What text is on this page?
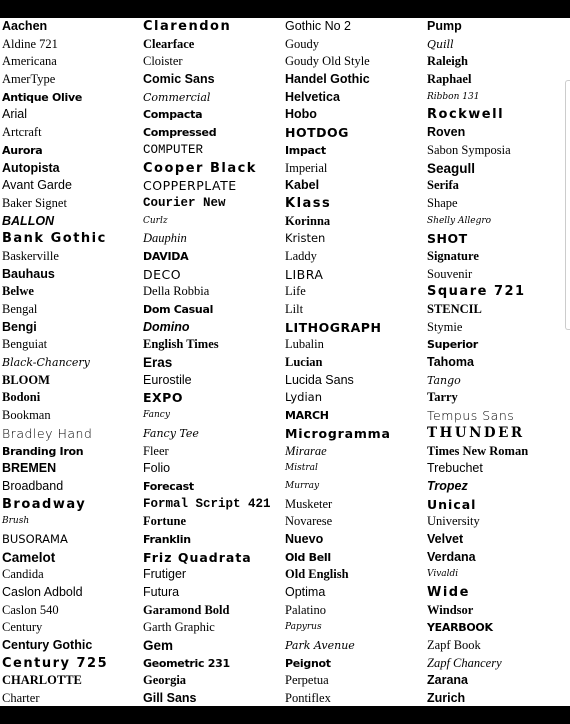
Aachen
Aldine 721
Americana
AmerType
Antique Olive
Arial
Artcraft
Aurora
Autopista
Avant Garde
Baker Signet
BALLON
Bank Gothic
Baskerville
Bauhaus
Belwe
Bengal
Bengi
Benguiat
Black-Chancery
BLOOM
Bodoni
Bookman
Bradley Hand
Branding Iron
BREMEN
Broadband
Broadway
Brush
BUSORAMA
Camelot
Candida
Caslon Adbold
Caslon 540
Century
Century Gothic
Century 725
CHARLOTTE
Charter
Clarendon
Clearface
Cloister
Comic Sans
Commercial
Compacta
Compressed
COMPUTER
Cooper Black
COPPERPLATE
Courier New
Curlz
Dauphin
DAVIDA
DECO
Della Robbia
Dom Casual
Domino
English Times
Eras
Eurostile
EXPO
Fancy
Fancy Tee
Fleer
Folio
Forecast
Formal Script 421
Fortune
Franklin
Friz Quadrata
Frutiger
Futura
Garamond Bold
Garth Graphic
Gem
Geometric 231
Georgia
Gill Sans
Gothic No 2
Goudy
Goudy Old Style
Handel Gothic
Helvetica
Hobo
HOTDOG
Impact
Imperial
Kabel
Klass
Korinna
Kristen
Laddy
LIBRA
Life
Lilt
LITHOGRAPH
Lubalin
Lucian
Lucida Sans
Lydian
MARCH
Microgramma
Mirarae
Mistral
Murray
Musketer
Novarese
Nuevo
Old Bell
Old English
Optima
Palatino
Papyrus
Park Avenue
Peignot
Perpetua
Pontiflex
Pump
Quill
Raleigh
Raphael
Ribbon 131
Rockwell
Roven
Sabon Symposia
Seagull
Serifa
Shape
Shelly Allegro
SHOT
Signature
Souvenir
Square 721
STENCIL
Stymie
Superior
Tahoma
Tango
Tarry
Tempus Sans
THUNDER
Times New Roman
Trebuchet
Tropez
Unical
University
Velvet
Verdana
Vivaldi
Wide
Windsor
YEARBOOK
Zapf Book
Zapf Chancery
Zarana
Zurich
